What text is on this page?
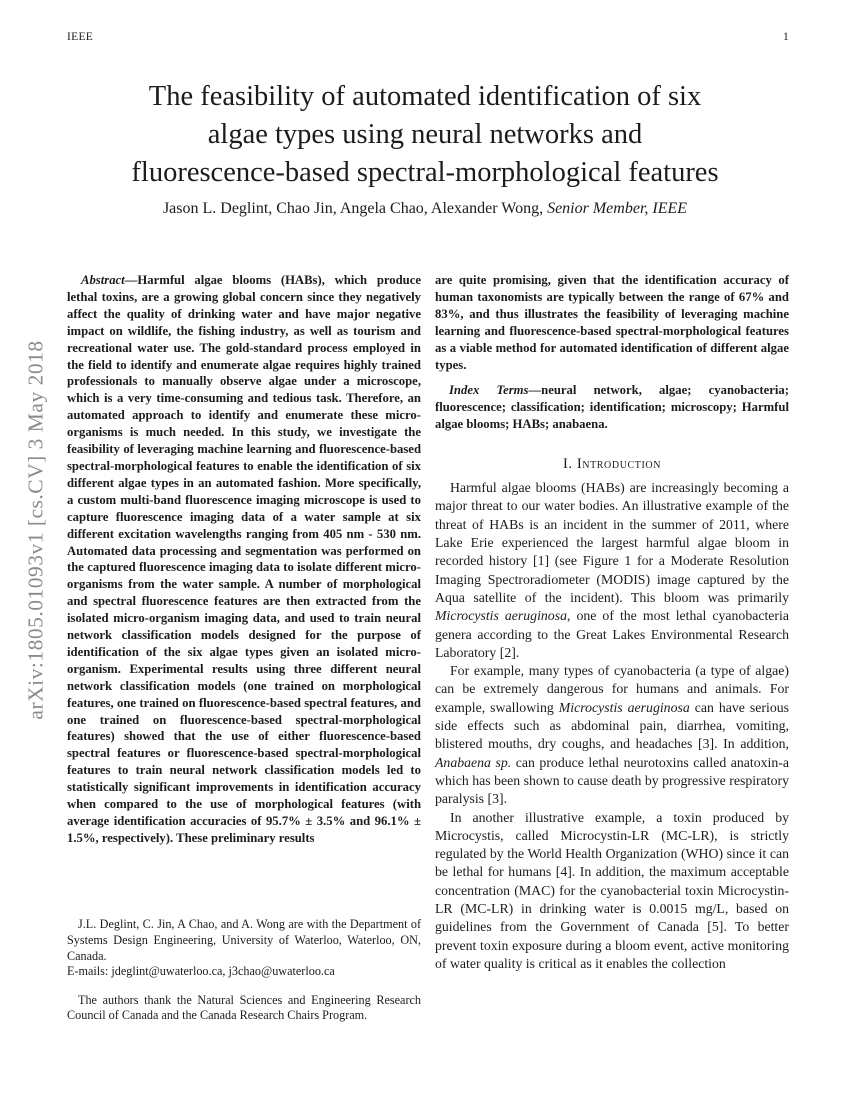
IEEE	1
arXiv:1805.01093v1 [cs.CV] 3 May 2018
The feasibility of automated identification of six
algae types using neural networks and
fluorescence-based spectral-morphological features
Jason L. Deglint, Chao Jin, Angela Chao, Alexander Wong, Senior Member, IEEE

Abstract—Harmful algae blooms (HABs), which produce lethal toxins, are a growing global concern since they negatively affect the quality of drinking water and have major negative impact on wildlife, the fishing industry, as well as tourism and recreational water use. The gold-standard process employed in the field to identify and enumerate algae requires highly trained professionals to manually observe algae under a microscope, which is a very time-consuming and tedious task. Therefore, an automated approach to identify and enumerate these micro-organisms is much needed. In this study, we investigate the feasibility of leveraging machine learning and fluorescence-based spectral-morphological features to enable the identification of six different algae types in an automated fashion. More specifically, a custom multi-band fluorescence imaging microscope is used to capture fluorescence imaging data of a water sample at six different excitation wavelengths ranging from 405 nm - 530 nm. Automated data processing and segmentation was performed on the captured fluorescence imaging data to isolate different micro-organisms from the water sample. A number of morphological and spectral fluorescence features are then extracted from the isolated micro-organism imaging data, and used to train neural network classification models designed for the purpose of identification of the six algae types given an isolated micro-organism. Experimental results using three different neural network classification models (one trained on morphological features, one trained on fluorescence-based spectral features, and one trained on fluorescence-based spectral-morphological features) showed that the use of either fluorescence-based spectral features or fluorescence-based spectral-morphological features to train neural network classification models led to statistically significant improvements in identification accuracy when compared to the use of morphological features (with average identification accuracies of 95.7% ± 3.5% and 96.1% ± 1.5%, respectively). These preliminary results

J.L. Deglint, C. Jin, A Chao, and A. Wong are with the Department of Systems Design Engineering, University of Waterloo, Waterloo, ON, Canada.

E-mails: jdeglint@uwaterloo.ca, j3chao@uwaterloo.ca

The authors thank the Natural Sciences and Engineering Research Council of Canada and the Canada Research Chairs Program.

are quite promising, given that the identification accuracy of human taxonomists are typically between the range of 67% and 83%, and thus illustrates the feasibility of leveraging machine learning and fluorescence-based spectral-morphological features as a viable method for automated identification of different algae types.

Index Terms—neural network, algae; cyanobacteria; fluorescence; classification; identification; microscopy; Harmful algae blooms; HABs; anabaena.

I. Introduction

Harmful algae blooms (HABs) are increasingly becoming a major threat to our water bodies. An illustrative example of the threat of HABs is an incident in the summer of 2011, where Lake Erie experienced the largest harmful algae bloom in recorded history [1] (see Figure 1 for a Moderate Resolution Imaging Spectroradiometer (MODIS) image captured by the Aqua satellite of the incident). This bloom was primarily Microcystis aeruginosa, one of the most lethal cyanobacteria genera according to the Great Lakes Environmental Research Laboratory [2].

For example, many types of cyanobacteria (a type of algae) can be extremely dangerous for humans and animals. For example, swallowing Microcystis aeruginosa can have serious side effects such as abdominal pain, diarrhea, vomiting, blistered mouths, dry coughs, and headaches [3]. In addition, Anabaena sp. can produce lethal neurotoxins called anatoxin-a which has been shown to cause death by progressive respiratory paralysis [3].

In another illustrative example, a toxin produced by Microcystis, called Microcystin-LR (MC-LR), is strictly regulated by the World Health Organization (WHO) since it can be lethal for humans [4]. In addition, the maximum acceptable concentration (MAC) for the cyanobacterial toxin Microcystin-LR (MC-LR) in drinking water is 0.0015 mg/L, based on guidelines from the Government of Canada [5]. To better prevent toxin exposure during a bloom event, active monitoring of water quality is critical as it enables the collection
